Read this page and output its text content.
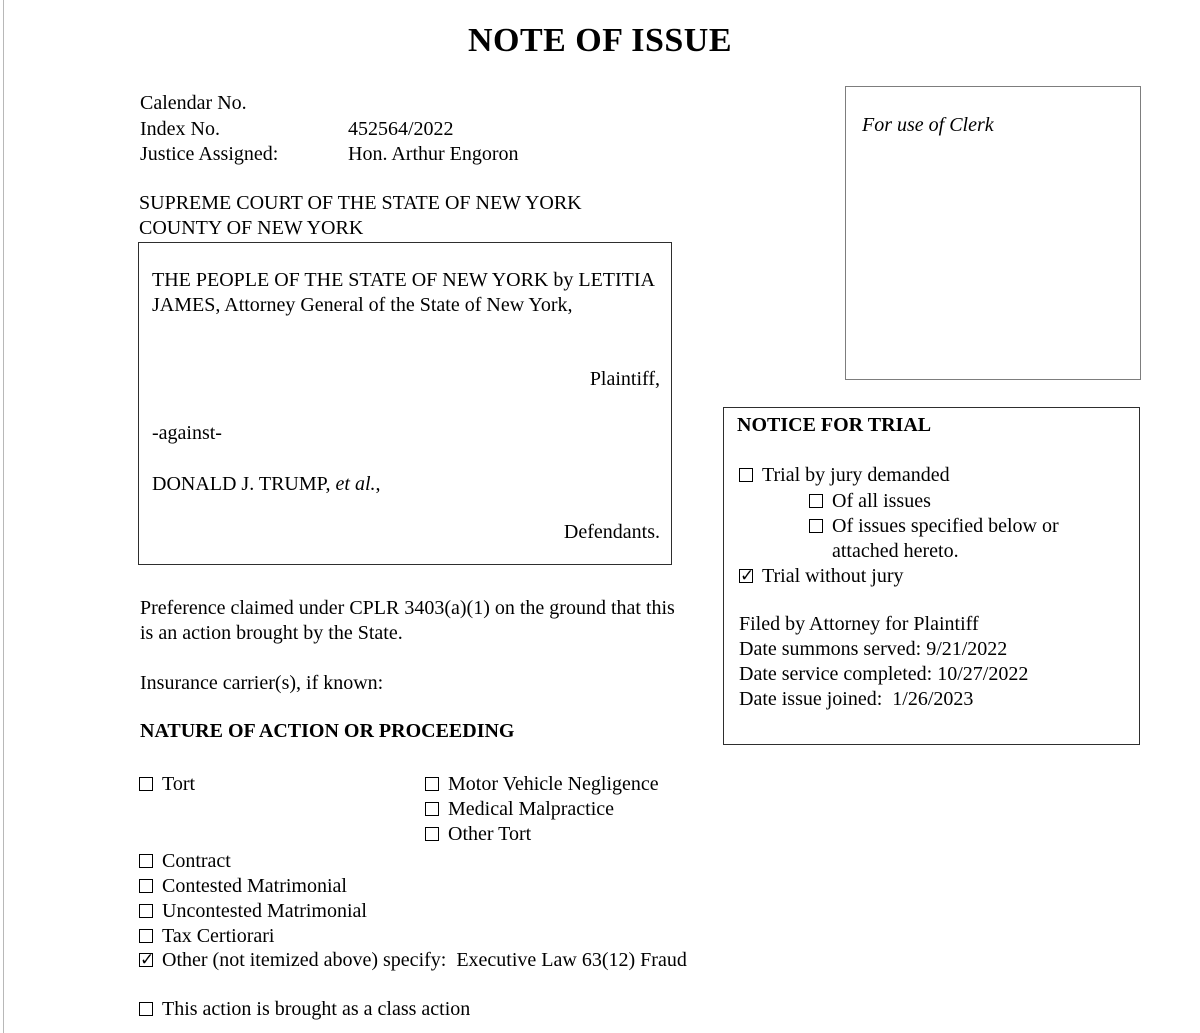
NOTE OF ISSUE
Calendar No.
Index No.	452564/2022
Justice Assigned:	Hon. Arthur Engoron
For use of Clerk
SUPREME COURT OF THE STATE OF NEW YORK
COUNTY OF NEW YORK
THE PEOPLE OF THE STATE OF NEW YORK by LETITIA JAMES, Attorney General of the State of New York,
Plaintiff,
-against-
DONALD J. TRUMP, et al.,
Defendants.
NOTICE FOR TRIAL
Trial by jury demanded
Of all issues
Of issues specified below or attached hereto.
✓
Trial without jury
Filed by Attorney for Plaintiff
Date summons served: 9/21/2022
Date service completed: 10/27/2022
Date issue joined:  1/26/2023
Preference claimed under CPLR 3403(a)(1) on the ground that this is an action brought by the State.
Insurance carrier(s), if known:
NATURE OF ACTION OR PROCEEDING
Tort
Contract
Contested Matrimonial
Uncontested Matrimonial
Tax Certiorari
✓
Other (not itemized above) specify:  Executive Law 63(12) Fraud
Motor Vehicle Negligence
Medical Malpractice
Other Tort
This action is brought as a class action
